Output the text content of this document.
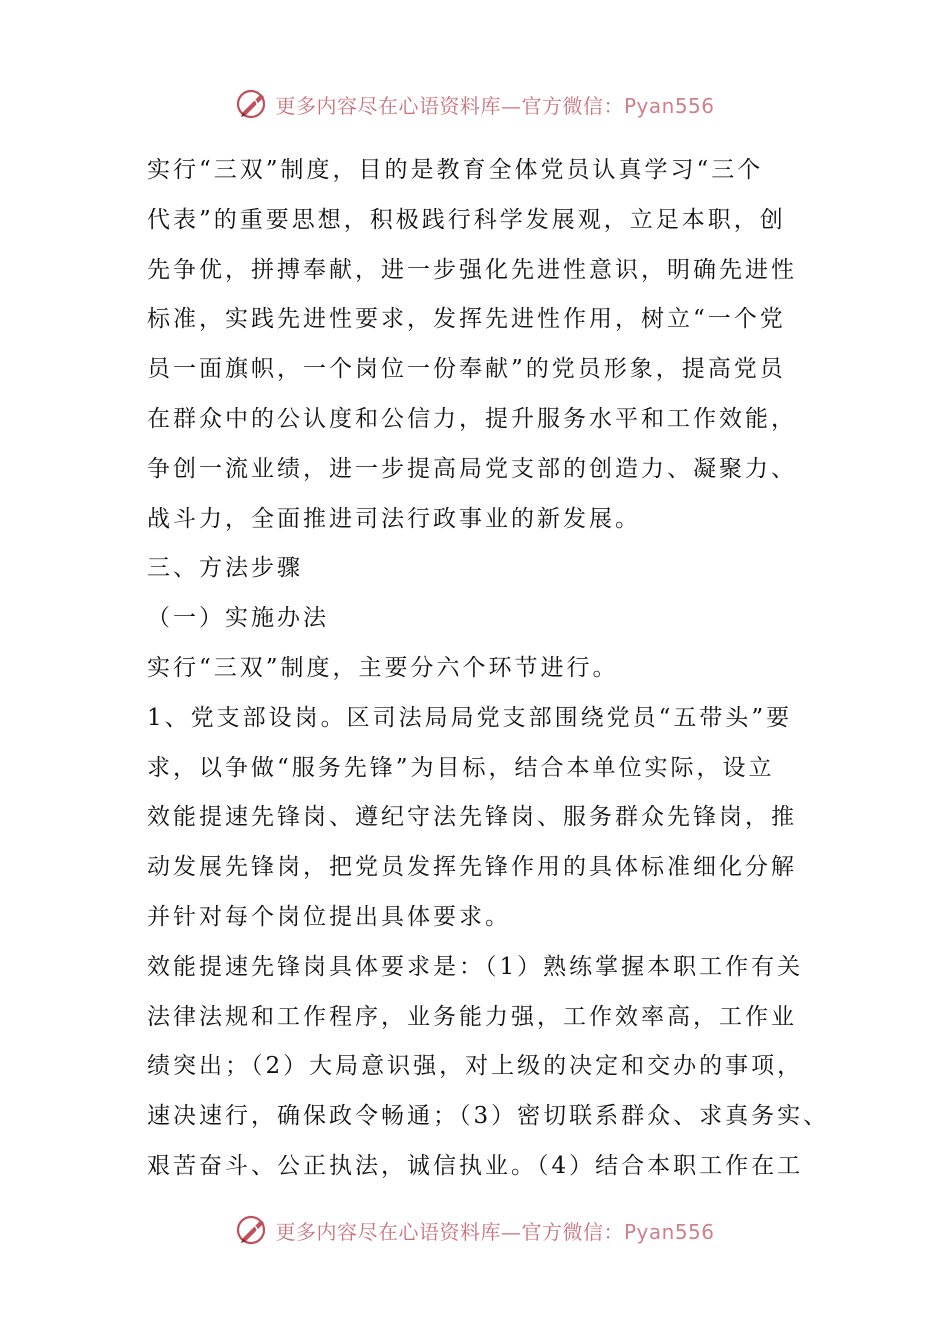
更多内容尽在心语资料库—官方微信：Pyan556
实行“三双”制度，目的是教育全体党员认真学习“三个
代表”的重要思想，积极践行科学发展观，立足本职，创
先争优，拼搏奉献，进一步强化先进性意识，明确先进性
标准，实践先进性要求，发挥先进性作用，树立“一个党
员一面旗帜，一个岗位一份奉献”的党员形象，提高党员
在群众中的公认度和公信力，提升服务水平和工作效能，
争创一流业绩，进一步提高局党支部的创造力、凝聚力、
战斗力，全面推进司法行政事业的新发展。
三、方法步骤
（一）实施办法
实行“三双”制度，主要分六个环节进行。
1、党支部设岗。区司法局局党支部围绕党员“五带头”要
求，以争做“服务先锋”为目标，结合本单位实际，设立
效能提速先锋岗、遵纪守法先锋岗、服务群众先锋岗，推
动发展先锋岗，把党员发挥先锋作用的具体标准细化分解
并针对每个岗位提出具体要求。
效能提速先锋岗具体要求是：（1）熟练掌握本职工作有关
法律法规和工作程序，业务能力强，工作效率高，工作业
绩突出；（2）大局意识强，对上级的决定和交办的事项，
速决速行，确保政令畅通；（3）密切联系群众、求真务实、
艰苦奋斗、公正执法，诚信执业。（4）结合本职工作在工
更多内容尽在心语资料库—官方微信：Pyan556
